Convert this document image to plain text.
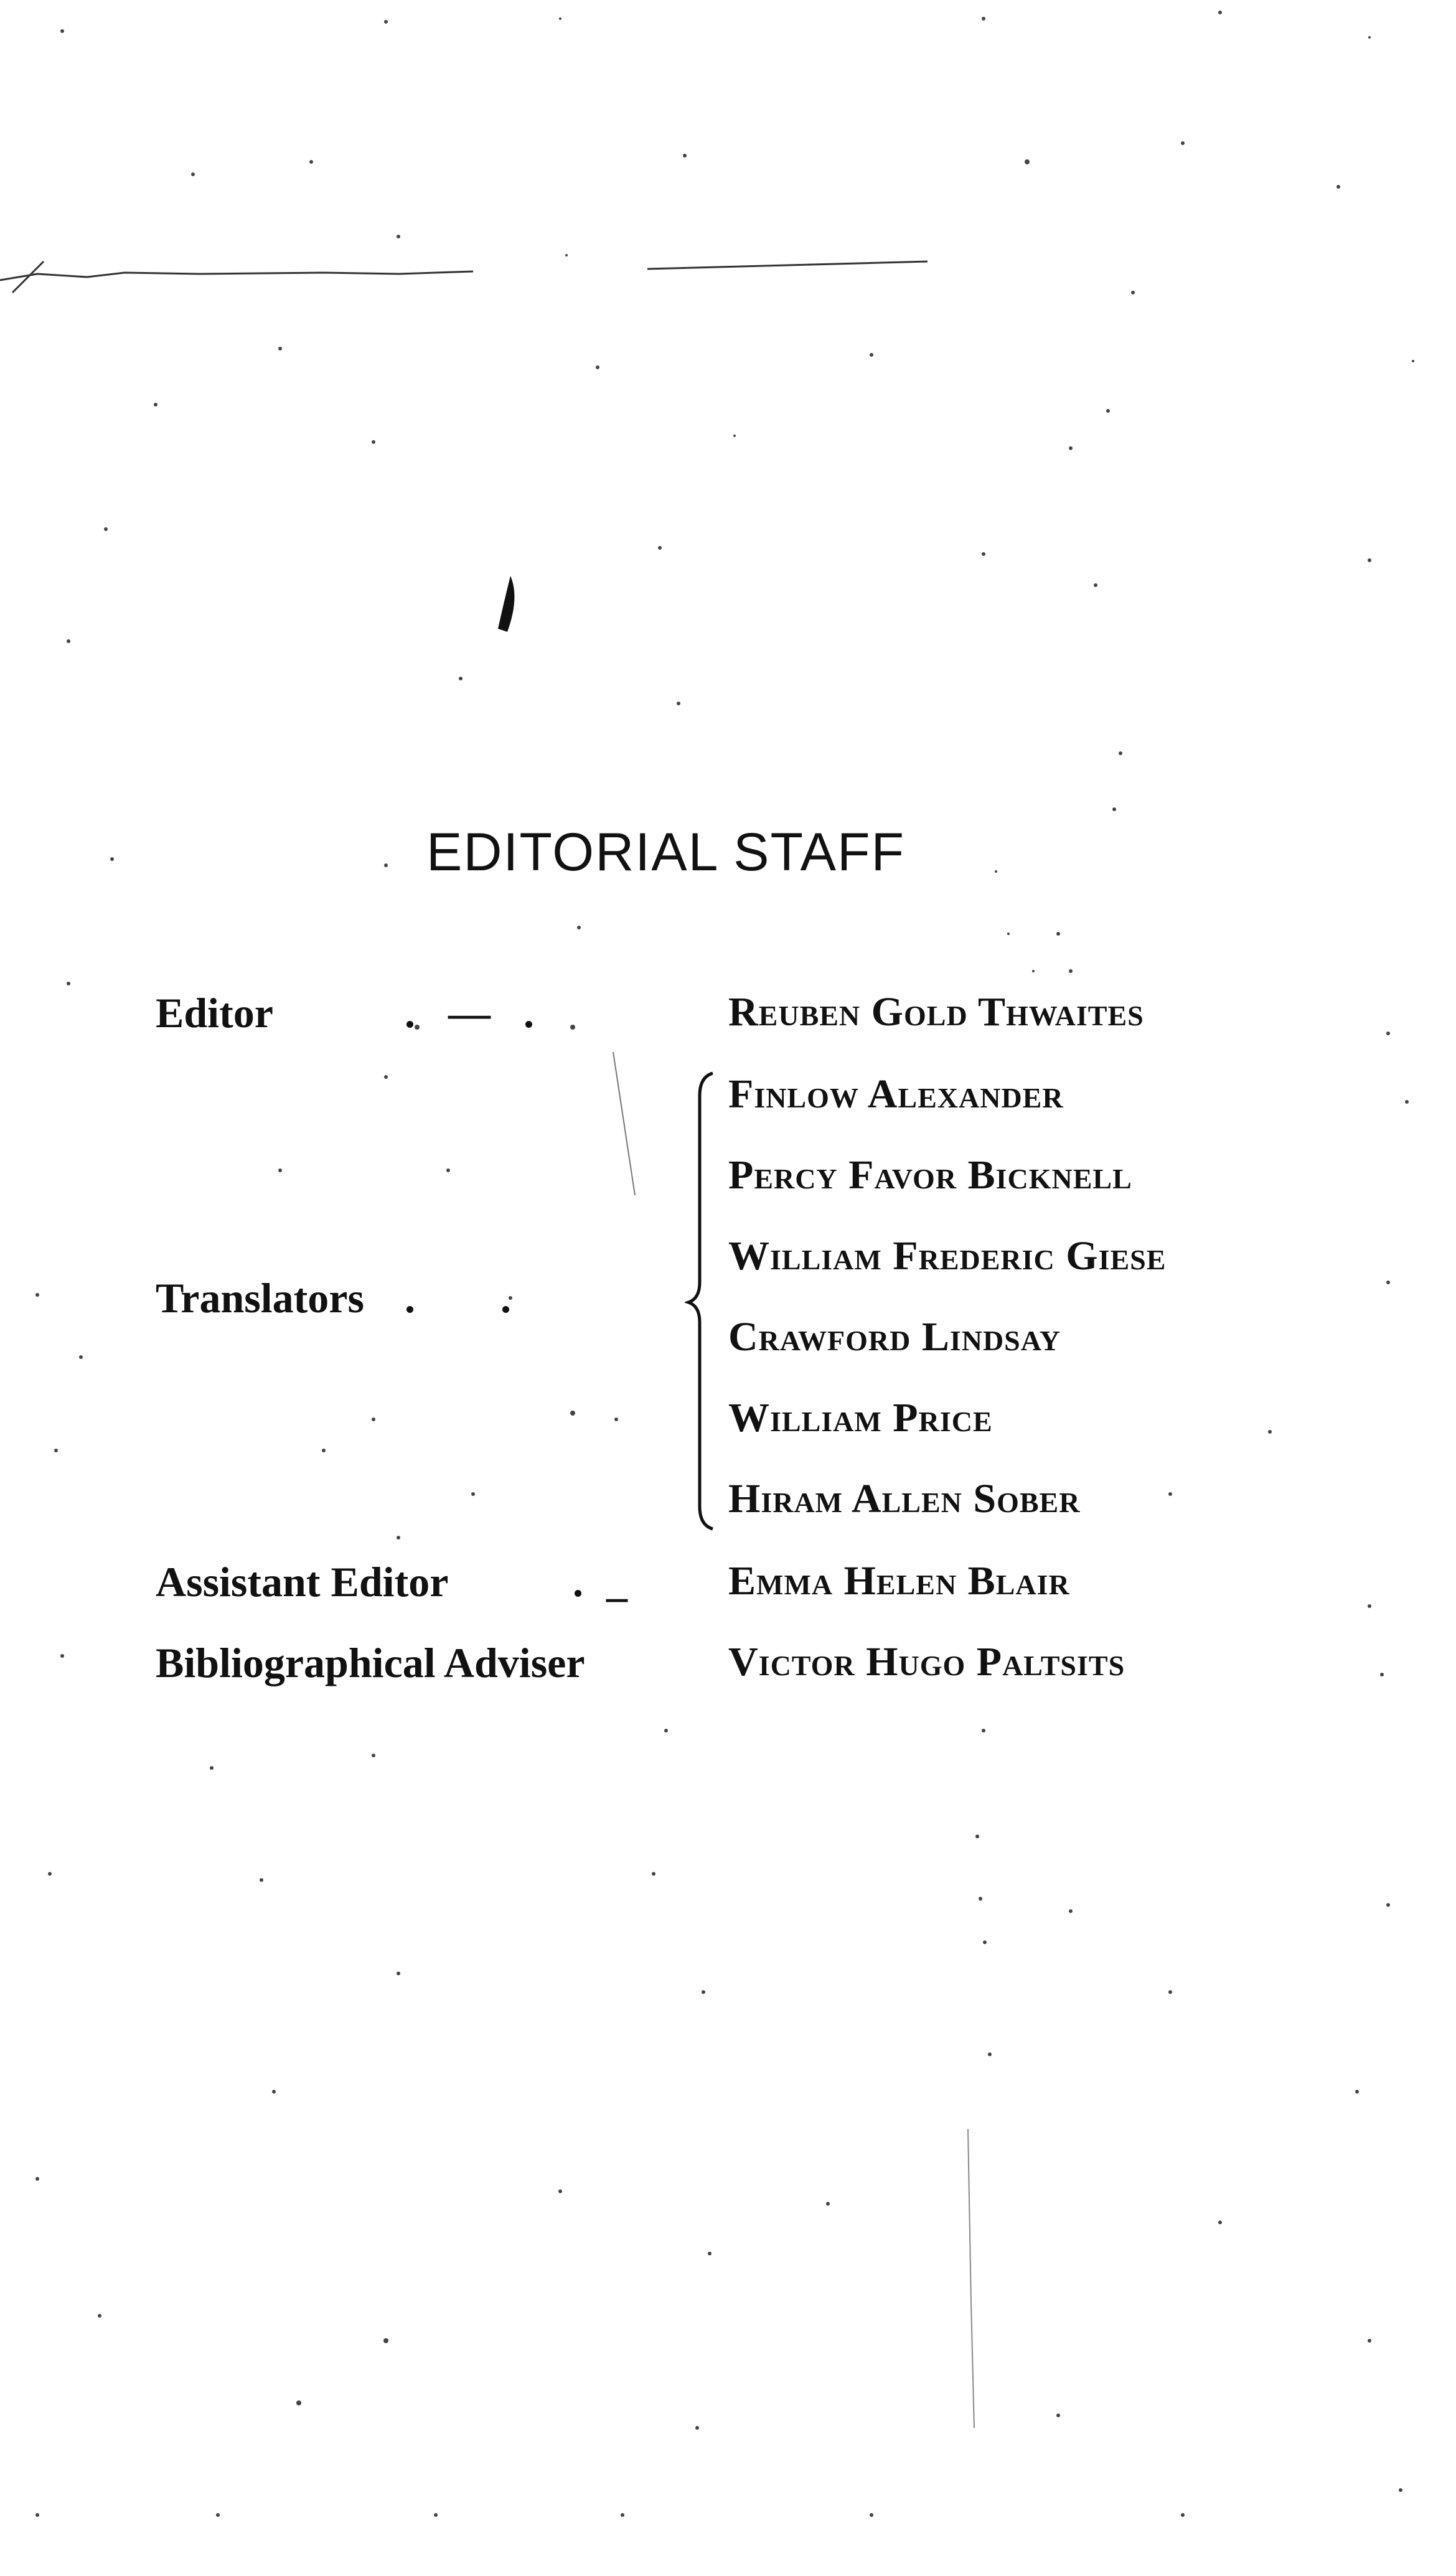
EDITORIAL STAFF
Editor	. — .	Reuben Gold Thwaites
Translators . .
Finlow Alexander
Percy Favor Bicknell
William Frederic Giese
Crawford Lindsay
William Price
Hiram Allen Sober
Assistant Editor	. _ Emma Helen Blair
Bibliographical Adviser	Victor Hugo Paltsits
